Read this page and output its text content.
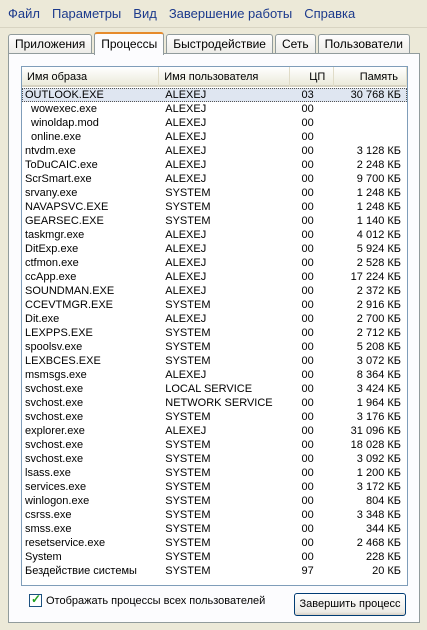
Файл Параметры Вид Завершение работы Справка
Приложения	Процессы	Быстродействие	Сеть	Пользователи
Имя образа	Имя пользователя	ЦП	Память
OUTLOOK.EXE	ALEXEJ	03	30 768 КБ
wowexec.exe	ALEXEJ	00
winoldap.mod	ALEXEJ	00
online.exe	ALEXEJ	00
ntvdm.exe	ALEXEJ	00	3 128 КБ
ToDuCAIC.exe	ALEXEJ	00	2 248 КБ
ScrSmart.exe	ALEXEJ	00	9 700 КБ
srvany.exe	SYSTEM	00	1 248 КБ
NAVAPSVC.EXE	SYSTEM	00	1 248 КБ
GEARSEC.EXE	SYSTEM	00	1 140 КБ
taskmgr.exe	ALEXEJ	00	4 012 КБ
DitExp.exe	ALEXEJ	00	5 924 КБ
ctfmon.exe	ALEXEJ	00	2 528 КБ
ccApp.exe	ALEXEJ	00	17 224 КБ
SOUNDMAN.EXE	ALEXEJ	00	2 372 КБ
CCEVTMGR.EXE	SYSTEM	00	2 916 КБ
Dit.exe	ALEXEJ	00	2 700 КБ
LEXPPS.EXE	SYSTEM	00	2 712 КБ
spoolsv.exe	SYSTEM	00	5 208 КБ
LEXBCES.EXE	SYSTEM	00	3 072 КБ
msmsgs.exe	ALEXEJ	00	8 364 КБ
svchost.exe	LOCAL SERVICE	00	3 424 КБ
svchost.exe	NETWORK SERVICE	00	1 964 КБ
svchost.exe	SYSTEM	00	3 176 КБ
explorer.exe	ALEXEJ	00	31 096 КБ
svchost.exe	SYSTEM	00	18 028 КБ
svchost.exe	SYSTEM	00	3 092 КБ
lsass.exe	SYSTEM	00	1 200 КБ
services.exe	SYSTEM	00	3 172 КБ
winlogon.exe	SYSTEM	00	804 КБ
csrss.exe	SYSTEM	00	3 348 КБ
smss.exe	SYSTEM	00	344 КБ
resetservice.exe	SYSTEM	00	2 468 КБ
System	SYSTEM	00	228 КБ
Бездействие системы	SYSTEM	97	20 КБ
✓ Отображать процессы всех пользователей	Завершить процесс
